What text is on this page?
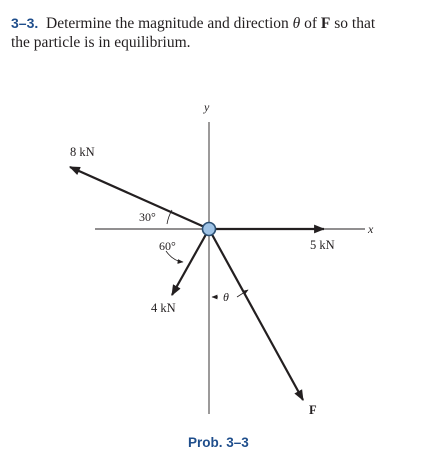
3–3. Determine the magnitude and direction θ of F so that
the particle is in equilibrium.

y
x
8 kN
5 kN
4 kN
F
30°
60°
θ
Prob. 3–3
